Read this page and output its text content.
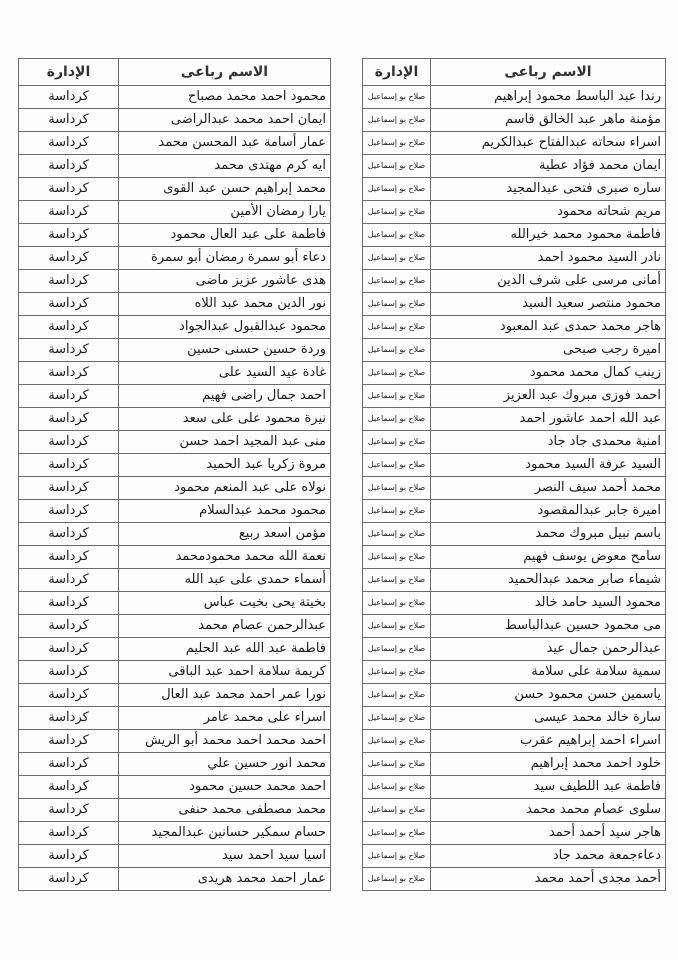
الاسم رباعى	الإدارة
محمود احمد محمد مصباح	كرداسة
ايمان احمد محمد عبدالراضى	كرداسة
عمار أسامة عبد المحسن محمد	كرداسة
ايه كرم مهتدى محمد	كرداسة
محمد إبراهيم حسن عبد القوى	كرداسة
يارا رمضان الأمين	كرداسة
فاطمة على عبد العال محمود	كرداسة
دعاء أبو سمرة رمضان أبو سمرة	كرداسة
هدى عاشور عزيز ماضى	كرداسة
نور الدين محمد عبد اللاه	كرداسة
محمود عبدالقبول عبدالجواد	كرداسة
وردة حسين حسنى حسين	كرداسة
غادة عيد السيد على	كرداسة
احمد جمال راضى فهيم	كرداسة
نيرة محمود على على سعد	كرداسة
منى عبد المجيد احمد حسن	كرداسة
مروة زكريا عبد الحميد	كرداسة
نولاه على عبد المنعم محمود	كرداسة
محمود محمد عبدالسلام	كرداسة
مؤمن اسعد ربيع	كرداسة
نعمة الله محمد محمودمحمد	كرداسة
أسماء حمدى على عبد الله	كرداسة
بخيتة يحى بخيت عباس	كرداسة
عبدالرحمن عصام محمد	كرداسة
فاطمة عبد الله عبد الحليم	كرداسة
كريمة سلامة احمد عبد الباقى	كرداسة
نورا عمر احمد محمد عبد العال	كرداسة
اسراء على محمد عامر	كرداسة
احمد محمد احمد محمد أبو الريش	كرداسة
محمد انور حسين علي	كرداسة
احمد محمد حسين محمود	كرداسة
محمد مصطفى محمد حنفى	كرداسة
حسام سمكير حسانين عبدالمجيد	كرداسة
اسيا سيد احمد سيد	كرداسة
عمار احمد محمد هريدى	كرداسة
الاسم رباعى	الإدارة
رندا عبد الباسط محمود إبراهيم	صلاح بو إسماعيل
مؤمنة ماهر عبد الخالق قاسم	صلاح بو إسماعيل
اسراء سحاته عبدالفتاح عبدالكريم	صلاح بو إسماعيل
ايمان محمد فؤاد عطية	صلاح بو إسماعيل
ساره صبرى فتحى عبدالمجيد	صلاح بو إسماعيل
مريم شحاته محمود	صلاح بو إسماعيل
فاطمة محمود محمد خيرالله	صلاح بو إسماعيل
نادر السيد محمود احمد	صلاح بو إسماعيل
أمانى مرسى على شرف الدين	صلاح بو إسماعيل
محمود منتصر سعيد السيد	صلاح بو إسماعيل
هاجر محمد حمدى عبد المعبود	صلاح بو إسماعيل
اميرة رجب صبحى	صلاح بو إسماعيل
زينب كمال محمد محمود	صلاح بو إسماعيل
احمد فوزى مبروك عبد العزيز	صلاح بو إسماعيل
عبد الله احمد عاشور احمد	صلاح بو إسماعيل
امنية محمدى جاد جاد	صلاح بو إسماعيل
السيد عرفة السيد محمود	صلاح بو إسماعيل
محمد أحمد سيف النصر	صلاح بو إسماعيل
اميرة جابر عبدالمقصود	صلاح بو إسماعيل
باسم نبيل مبروك محمد	صلاح بو إسماعيل
سامح معوض يوسف فهيم	صلاح بو إسماعيل
شيماء صابر محمد عبدالحميد	صلاح بو إسماعيل
محمود السيد حامد خالد	صلاح بو إسماعيل
مى محمود حسين عبدالباسط	صلاح بو إسماعيل
عبدالرحمن جمال عيد	صلاح بو إسماعيل
سمية سلامة على سلامة	صلاح بو إسماعيل
ياسمين حسن محمود حسن	صلاح بو إسماعيل
سارة خالد محمد عيسى	صلاح بو إسماعيل
اسراء احمد إبراهيم عقرب	صلاح بو إسماعيل
خلود احمد محمد إبراهيم	صلاح بو إسماعيل
فاطمة عبد اللطيف سيد	صلاح بو إسماعيل
سلوى عصام محمد محمد	صلاح بو إسماعيل
هاجر سيد أحمد أحمد	صلاح بو إسماعيل
دعاءجمعة محمد جاد	صلاح بو إسماعيل
أحمد مجدى أحمد محمد	صلاح بو إسماعيل
